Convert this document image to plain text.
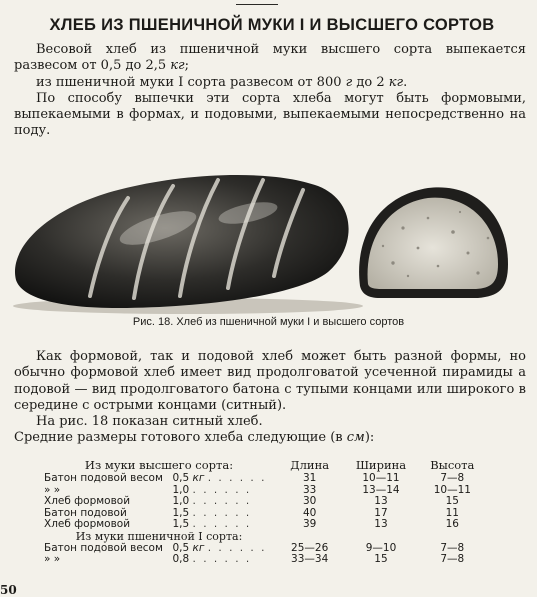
ХЛЕБ ИЗ ПШЕНИЧНОЙ МУКИ I И ВЫСШЕГО СОРТОВ

Весовой хлеб из пшеничной муки высшего сорта выпекается развесом от 0,5 до 2,5 кг;

из пшеничной муки I сорта развесом от 800 г до 2 кг.

По способу выпечки эти сорта хлеба могут быть формовыми, выпекаемыми в формах, и подовыми, выпекаемыми непосредственно на поду.

Рис. 18. Хлеб из пшеничной муки I и высшего сортов

Как формовой, так и подовой хлеб может быть разной формы, но обычно формовой хлеб имеет вид продолговатой усеченной пирамиды а подовой — вид продолговатого батона с тупыми концами или широкого в середине с острыми концами (ситный).

На рис. 18 показан ситный хлеб.

Средние размеры готового хлеба следующие (в см):

Из муки высшего сорта:		Длина	Ширина	Высота
Батон подовой весом	0,5 кг . . . . . .	31	10—11	7—8
» »	1,0 . . . . . .	33	13—14	10—11
Хлеб формовой	1,0 . . . . . .	30	13	15
Батон подовой	1,5 . . . . . .	40	17	11
Хлеб формовой	1,5 . . . . . .	39	13	16
Из муки пшеничной I сорта:				
Батон подовой весом	0,5 кг . . . . . .	25—26	9—10	7—8
» »	0,8 . . . . . .	33—34	15	7—8
50
